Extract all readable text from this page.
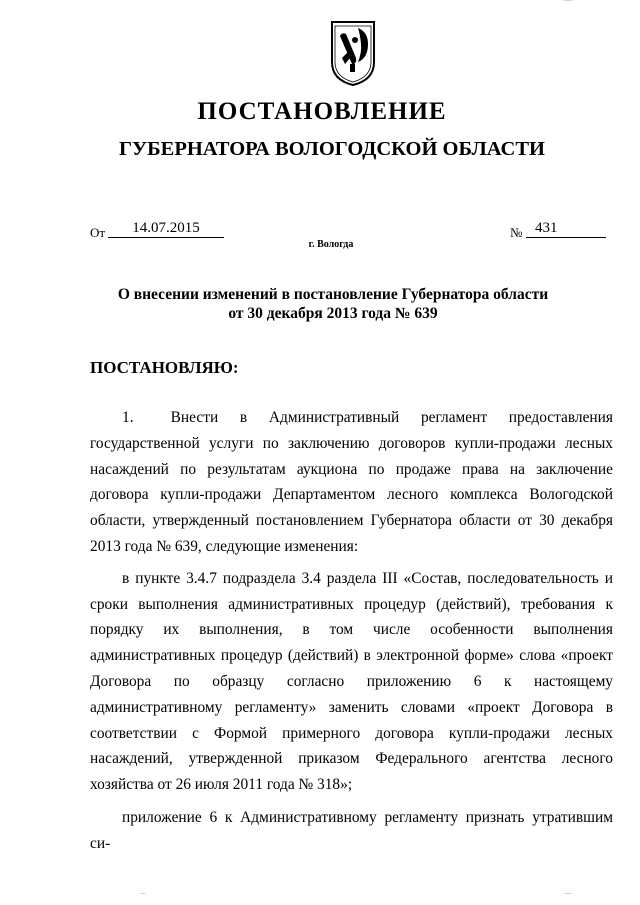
ПОСТАНОВЛЕНИЕ
ГУБЕРНАТОРА ВОЛОГОДСКОЙ ОБЛАСТИ
От	14.07.2015	№ 431
г. Вологда
О внесении изменений в постановление Губернатора области
от 30 декабря 2013 года № 639
ПОСТАНОВЛЯЮ:

1.  Внести в Административный регламент предоставления государственной услуги по заключению договоров купли-продажи лесных насаждений по результатам аукциона по продаже права на заключение договора купли-продажи Департаментом лесного комплекса Вологодской области, утвержденный постановлением Губернатора области от 30 декабря 2013 года № 639, следующие изменения:

в пункте 3.4.7 подраздела 3.4 раздела III «Состав, последовательность и сроки выполнения административных процедур (действий), требования к порядку их выполнения, в том числе особенности выполнения административных процедур (действий) в электронной форме» слова «проект Договора по образцу согласно приложению 6 к настоящему административному регламенту» заменить словами «проект Договора в соответствии с Формой примерного договора купли-продажи лесных насаждений, утвержденной приказом Федерального агентства лесного хозяйства от 26 июля 2011 года № 318»;

приложение 6 к Административному регламенту признать утратившим си-

‾‾‾
‾‾	‾‾‾
